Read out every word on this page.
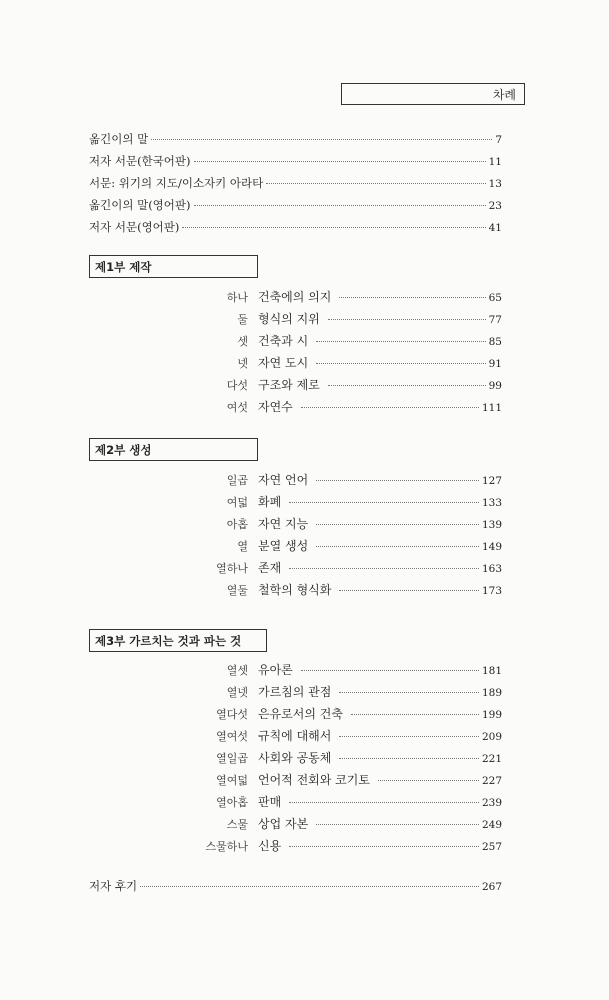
차례
옮긴이의 말	7
저자 서문(한국어판)	11
서문: 위기의 지도/이소자키 아라타	13
옮긴이의 말(영어판)	23
저자 서문(영어판)	41
제1부 제작
하나 건축에의 의지	65
둘 형식의 지위	77
셋 건축과 시	85
넷 자연 도시	91
다섯 구조와 제로	99
여섯 자연수	111
제2부 생성
일곱 자연 언어	127
여덟 화폐	133
아홉 자연 지능	139
열 분열 생성	149
열하나 존재	163
열둘 철학의 형식화	173
제3부 가르치는 것과 파는 것
열셋 유아론	181
열넷 가르침의 관점	189
열다섯 은유로서의 건축	199
열여섯 규칙에 대해서	209
열일곱 사회와 공동체	221
열여덟 언어적 전회와 코기토	227
열아홉 판매	239
스물 상업 자본	249
스물하나 신용	257
저자 후기	267
